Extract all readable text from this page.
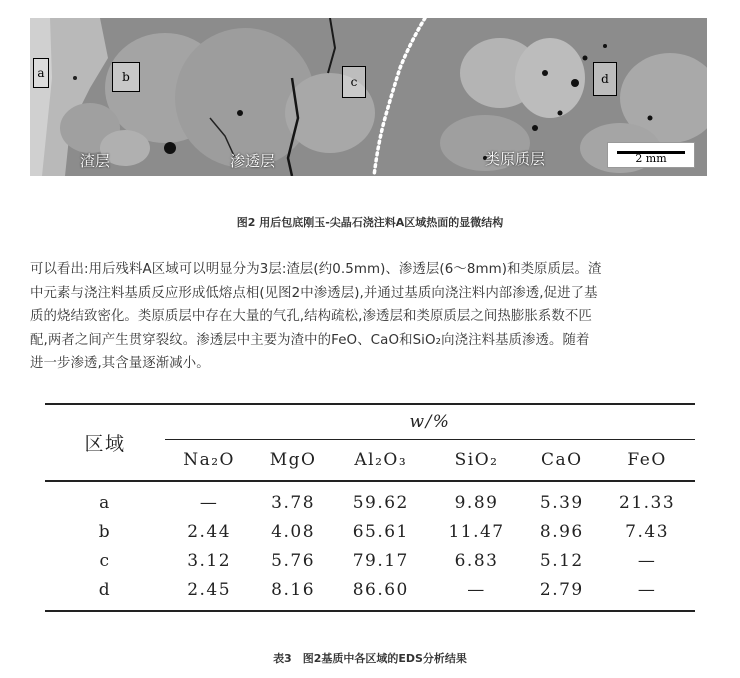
a	b	c	d
渣层	渗透层	类原质层	2 mm
图2 用后包底刚玉-尖晶石浇注料A区域热面的显微结构
可以看出:用后残料A区域可以明显分为3层:渣层(约0.5mm)、渗透层(6～8mm)和类原质层。渣
中元素与浇注料基质反应形成低熔点相(见图2中渗透层),并通过基质向浇注料内部渗透,促进了基
质的烧结致密化。类原质层中存在大量的气孔,结构疏松,渗透层和类原质层之间热膨胀系数不匹
配,两者之间产生贯穿裂纹。渗透层中主要为渣中的FeO、CaO和SiO₂向浇注料基质渗透。随着
进一步渗透,其含量逐渐减小。
区域	w/%					
	Na₂O	MgO	Al₂O₃	SiO₂	CaO	FeO
a	—	3.78	59.62	9.89	5.39	21.33
b	2.44	4.08	65.61	11.47	8.96	7.43
c	3.12	5.76	79.17	6.83	5.12	—
d	2.45	8.16	86.60	—	2.79	—
表3　图2基质中各区域的EDS分析结果
